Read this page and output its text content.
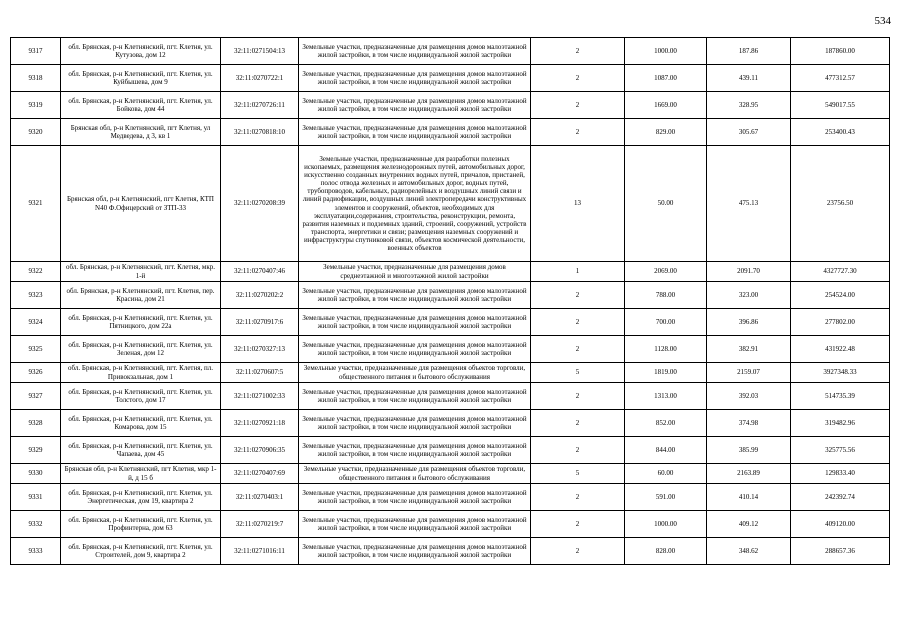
534
9317	обл. Брянская, р-н Клетнянский, пгт. Клетня, ул. Кутузова, дом 12	32:11:0271504:13	Земельные участки, предназначенные для размещения домов малоэтажной жилой застройки, в том числе индивидуальной жилой застройки	2	1000.00	187.86	187860.00
9318	обл. Брянская, р-н Клетнянский, пгт. Клетня, ул. Куйбышева, дом 9	32:11:0270722:1	Земельные участки, предназначенные для размещения домов малоэтажной жилой застройки, в том числе индивидуальной жилой застройки	2	1087.00	439.11	477312.57
9319	обл. Брянская, р-н Клетнянский, пгт. Клетня, ул. Бойкова, дом 44	32:11:0270726:11	Земельные участки, предназначенные для размещения домов малоэтажной жилой застройки, в том числе индивидуальной жилой застройки	2	1669.00	328.95	549017.55
9320	Брянская обл, р-н Клетнянский, пгт Клетня, ул Медведева, д 3, кв 1	32:11:0270818:10	Земельные участки, предназначенные для размещения домов малоэтажной жилой застройки, в том числе индивидуальной жилой застройки	2	829.00	305.67	253400.43
9321	Брянская обл, р-н Клетнянский, пгт Клетня, КТП N40 Ф.Офицерский от ЗТП-33	32:11:0270208:39	Земельные участки, предназначенные для разработки полезных ископаемых, размещения железнодорожных путей, автомобильных дорог, искусственно созданных внутренних водных путей, причалов, пристаней, полос отвода железных и автомобильных дорог, водных путей, трубопроводов, кабельных, радиорелейных и воздушных линий связи и линий радиофикации, воздушных линий электропередачи конструктивных элементов и сооружений, объектов, необходимых для эксплуатации,содержания, строительства, реконструкции, ремонта, развития наземных и подземных зданий, строений, сооружений, устройств транспорта, энергетики и связи; размещения наземных сооружений и инфраструктуры спутниковой связи, объектов космической деятельности, военных объектов	13	50.00	475.13	23756.50
9322	обл. Брянская, р-н Клетнянский, пгт. Клетня, мкр. 1-й	32:11:0270407:46	Земельные участки, предназначенные для размещения домов среднеэтажной и многоэтажной жилой застройки	1	2069.00	2091.70	4327727.30
9323	обл. Брянская, р-н Клетнянский, пгт. Клетня, пер. Красина, дом 21	32:11:0270202:2	Земельные участки, предназначенные для размещения домов малоэтажной жилой застройки, в том числе индивидуальной жилой застройки	2	788.00	323.00	254524.00
9324	обл. Брянская, р-н Клетнянский, пгт. Клетня, ул. Пятницкого, дом 22а	32:11:0270917:6	Земельные участки, предназначенные для размещения домов малоэтажной жилой застройки, в том числе индивидуальной жилой застройки	2	700.00	396.86	277802.00
9325	обл. Брянская, р-н Клетнянский, пгт. Клетня, ул. Зеленая, дом 12	32:11:0270327:13	Земельные участки, предназначенные для размещения домов малоэтажной жилой застройки, в том числе индивидуальной жилой застройки	2	1128.00	382.91	431922.48
9326	обл. Брянская, р-н Клетнянский, пгт. Клетня, пл. Привокзальная, дом 1	32:11:0270607:5	Земельные участки, предназначенные для размещения объектов торговли, общественного питания и бытового обслуживания	5	1819.00	2159.07	3927348.33
9327	обл. Брянская, р-н Клетнянский, пгт. Клетня, ул. Толстого, дом 17	32:11:0271002:33	Земельные участки, предназначенные для размещения домов малоэтажной жилой застройки, в том числе индивидуальной жилой застройки	2	1313.00	392.03	514735.39
9328	обл. Брянская, р-н Клетнянский, пгт. Клетня, ул. Комарова, дом 15	32:11:0270921:18	Земельные участки, предназначенные для размещения домов малоэтажной жилой застройки, в том числе индивидуальной жилой застройки	2	852.00	374.98	319482.96
9329	обл. Брянская, р-н Клетнянский, пгт. Клетня, ул. Чапаева, дом 45	32:11:0270906:35	Земельные участки, предназначенные для размещения домов малоэтажной жилой застройки, в том числе индивидуальной жилой застройки	2	844.00	385.99	325775.56
9330	Брянская обл, р-н Клетнянский, пгт Клетня, мкр 1-й, д 15 б	32:11:0270407:69	Земельные участки, предназначенные для размещения объектов торговли, общественного питания и бытового обслуживания	5	60.00	2163.89	129833.40
9331	обл. Брянская, р-н Клетнянский, пгт. Клетня, ул. Энергетическая, дом 19, квартира 2	32:11:0270403:1	Земельные участки, предназначенные для размещения домов малоэтажной жилой застройки, в том числе индивидуальной жилой застройки	2	591.00	410.14	242392.74
9332	обл. Брянская, р-н Клетнянский, пгт. Клетня, ул. Профинтерна, дом 63	32:11:0270219:7	Земельные участки, предназначенные для размещения домов малоэтажной жилой застройки, в том числе индивидуальной жилой застройки	2	1000.00	409.12	409120.00
9333	обл. Брянская, р-н Клетнянский, пгт. Клетня, ул. Строителей, дом 9, квартира 2	32:11:0271016:11	Земельные участки, предназначенные для размещения домов малоэтажной жилой застройки, в том числе индивидуальной жилой застройки	2	828.00	348.62	288657.36
